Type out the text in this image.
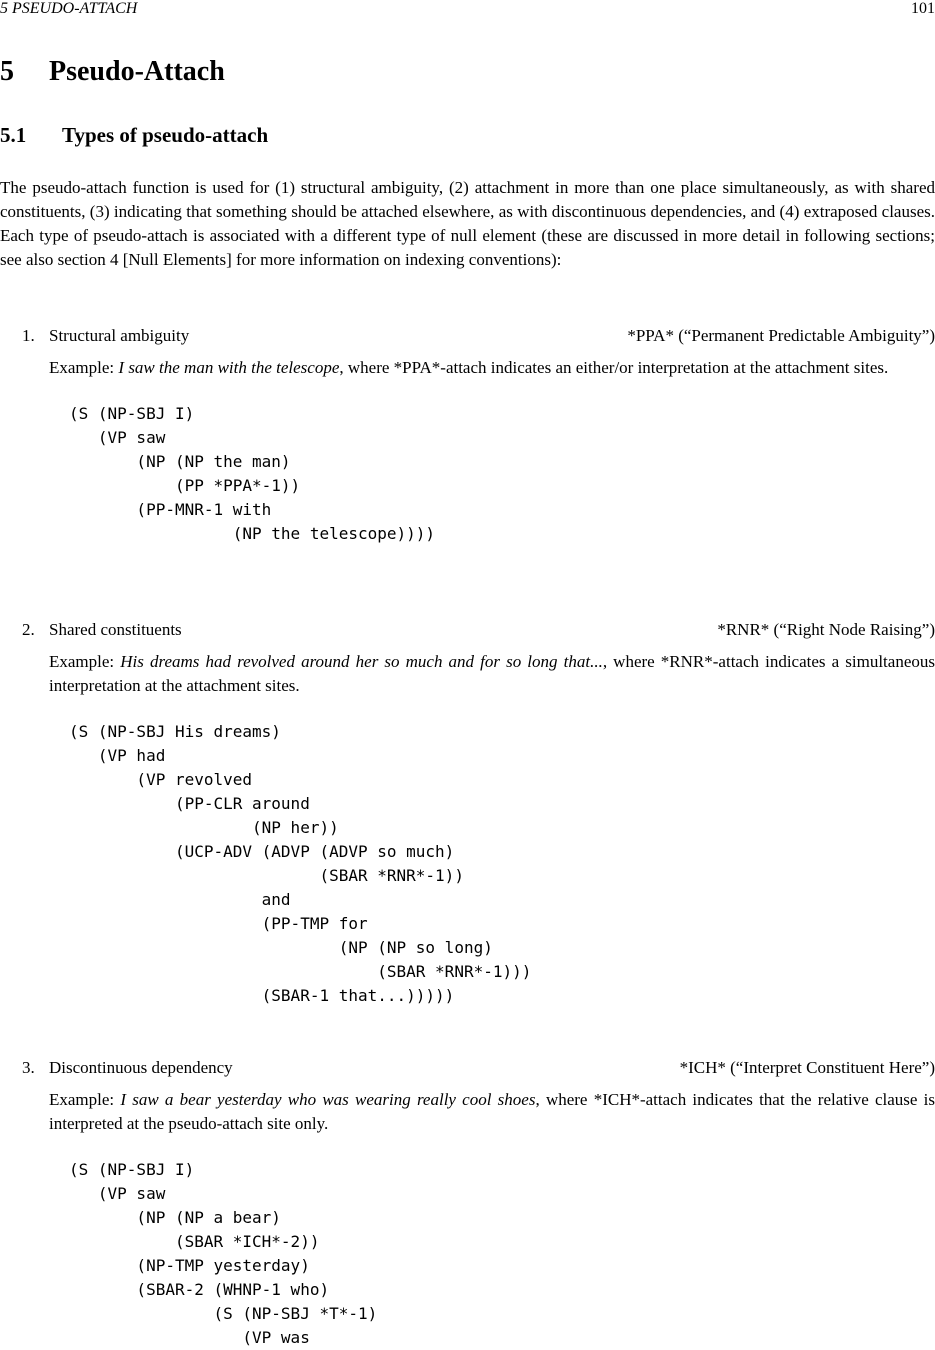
5 PSEUDO-ATTACH	101
5 Pseudo-Attach
5.1 Types of pseudo-attach

The pseudo-attach function is used for (1) structural ambiguity, (2) attachment in more than one place simultaneously, as with shared constituents, (3) indicating that something should be attached elsewhere, as with discontinuous dependencies, and (4) extraposed clauses. Each type of pseudo-attach is associated with a different type of null element (these are discussed in more detail in following sections; see also section 4 [Null Elements] for more information on indexing conventions):

1. Structural ambiguity	*PPA* (“Permanent Predictable Ambiguity”)
Example: I saw the man with the telescope, where *PPA*-attach indicates an either/or interpretation at the attachment sites.
(S (NP-SBJ I)
(VP saw
(NP (NP the man)
(PP *PPA*-1))
(PP-MNR-1 with
(NP the telescope))))
2. Shared constituents	*RNR* (“Right Node Raising”)
Example: His dreams had revolved around her so much and for so long that..., where *RNR*-attach indicates a simultaneous interpretation at the attachment sites.
(S (NP-SBJ His dreams)
(VP had
(VP revolved
(PP-CLR around
(NP her))
(UCP-ADV (ADVP (ADVP so much)
(SBAR *RNR*-1))
and
(PP-TMP for
(NP (NP so long)
(SBAR *RNR*-1)))
(SBAR-1 that...)))))
3. Discontinuous dependency	*ICH* (“Interpret Constituent Here”)
Example: I saw a bear yesterday who was wearing really cool shoes, where *ICH*-attach indicates that the relative clause is interpreted at the pseudo-attach site only.
(S (NP-SBJ I)
(VP saw
(NP (NP a bear)
(SBAR *ICH*-2))
(NP-TMP yesterday)
(SBAR-2 (WHNP-1 who)
(S (NP-SBJ *T*-1)
(VP was
